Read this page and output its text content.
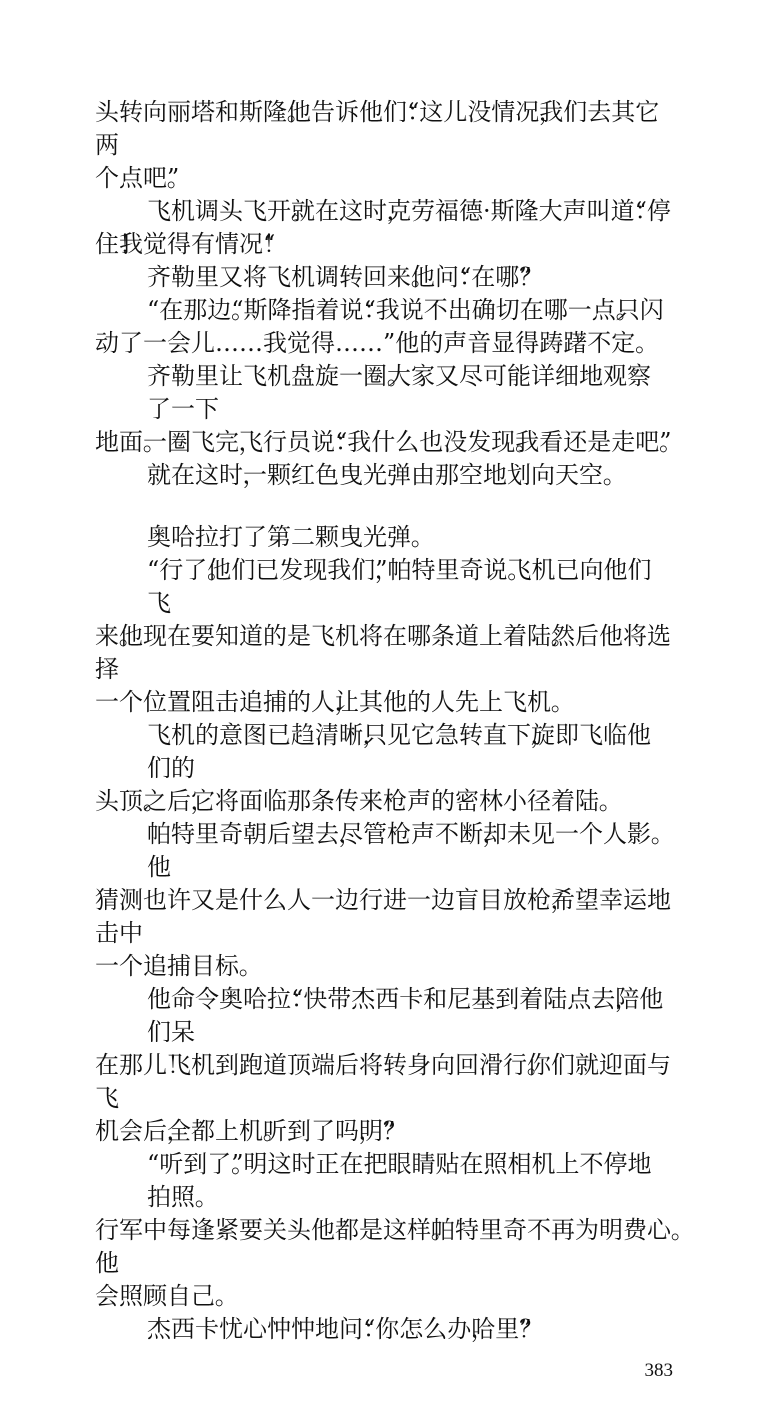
头转向丽塔和斯隆。他告诉他们：“这儿没情况，我们去其它两
个点吧。”
飞机调头飞开。就在这时，克劳福德·斯隆大声叫道：“停
住！我觉得有情况！“
齐勒里又将飞机调转回来。他问：“在哪？”
“在那边。“斯降指着说：“我说不出确切在哪一点。只闪
动了一会儿……我觉得……”他的声音显得踌躇不定。
齐勒里让飞机盘旋一圈。大家又尽可能详细地观察了一下
地面。一圈飞完，飞行员说：“我什么也没发现。我看还是走吧。”
就在这时，一颗红色曳光弹由那空地划向天空。
奥哈拉打了第二颗曳光弹。
“行了。他们已发现我们，”帕特里奇说。飞机已向他们飞
来。他现在要知道的是飞机将在哪条道上着陆。然后他将选择
一个位置阻击追捕的人，让其他的人先上飞机。
飞机的意图已趋清晰，只见它急转直下，旋即飞临他们的
头顶。之后，它将面临那条传来枪声的密林小径着陆。
帕特里奇朝后望去，尽管枪声不断，却未见一个人影。他
猜测也许又是什么人一边行进一边盲目放枪，希望幸运地击中
一个追捕目标。
他命令奥哈拉：“快带杰西卡和尼基到着陆点去，陪他们呆
在那儿！飞机到跑道顶端后将转身向回滑行。你们就迎面与飞
机会后，全都上机。听到了吗，明？”
“听到了。”明这时正在把眼睛贴在照相机上不停地拍照。
行军中每逢紧要关头他都是这样。帕特里奇不再为明费心。他
会照顾自己。
杰西卡忧心忡忡地问：“你怎么办，哈里？”
383
